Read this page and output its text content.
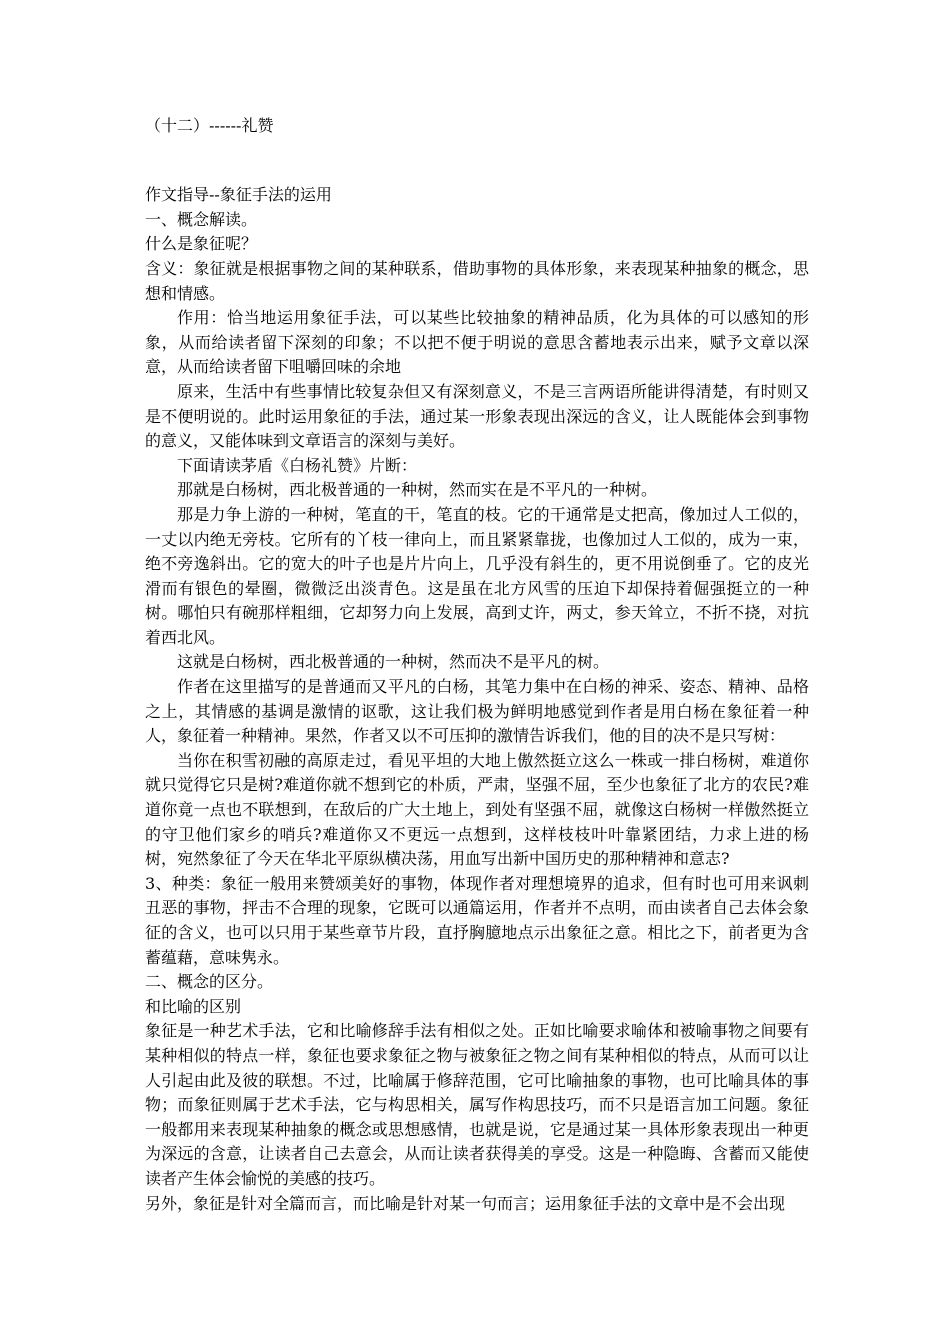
（十二）------礼赞

作文指导--象征手法的运用

一、概念解读。

什么是象征呢？

含义：象征就是根据事物之间的某种联系，借助事物的具体形象，来表现某种抽象的概念，思想和情感。

作用：恰当地运用象征手法，可以某些比较抽象的精神品质，化为具体的可以感知的形象，从而给读者留下深刻的印象；不以把不便于明说的意思含蓄地表示出来，赋予文章以深意，从而给读者留下咀嚼回味的余地

原来，生活中有些事情比较复杂但又有深刻意义，不是三言两语所能讲得清楚，有时则又是不便明说的。此时运用象征的手法，通过某一形象表现出深远的含义，让人既能体会到事物的意义，又能体味到文章语言的深刻与美好。

下面请读茅盾《白杨礼赞》片断：

那就是白杨树，西北极普通的一种树，然而实在是不平凡的一种树。

那是力争上游的一种树，笔直的干，笔直的枝。它的干通常是丈把高，像加过人工似的，一丈以内绝无旁枝。它所有的丫枝一律向上，而且紧紧靠拢，也像加过人工似的，成为一束，绝不旁逸斜出。它的宽大的叶子也是片片向上，几乎没有斜生的，更不用说倒垂了。它的皮光滑而有银色的晕圈，微微泛出淡青色。这是虽在北方风雪的压迫下却保持着倔强挺立的一种树。哪怕只有碗那样粗细，它却努力向上发展，高到丈许，两丈，参天耸立，不折不挠，对抗着西北风。

这就是白杨树，西北极普通的一种树，然而决不是平凡的树。

作者在这里描写的是普通而又平凡的白杨，其笔力集中在白杨的神采、姿态、精神、品格之上，其情感的基调是激情的讴歌，这让我们极为鲜明地感觉到作者是用白杨在象征着一种人，象征着一种精神。果然，作者又以不可压抑的激情告诉我们，他的目的决不是只写树：

当你在积雪初融的高原走过，看见平坦的大地上傲然挺立这么一株或一排白杨树，难道你就只觉得它只是树?难道你就不想到它的朴质，严肃，坚强不屈，至少也象征了北方的农民?难道你竟一点也不联想到，在敌后的广大土地上，到处有坚强不屈，就像这白杨树一样傲然挺立的守卫他们家乡的哨兵?难道你又不更远一点想到，这样枝枝叶叶靠紧团结，力求上进的杨树，宛然象征了今天在华北平原纵横决荡，用血写出新中国历史的那种精神和意志?

3、种类：象征一般用来赞颂美好的事物，体现作者对理想境界的追求，但有时也可用来讽刺丑恶的事物，抨击不合理的现象，它既可以通篇运用，作者并不点明，而由读者自己去体会象征的含义，也可以只用于某些章节片段，直抒胸臆地点示出象征之意。相比之下，前者更为含蓄蕴藉，意味隽永。

二、概念的区分。

和比喻的区别

象征是一种艺术手法，它和比喻修辞手法有相似之处。正如比喻要求喻体和被喻事物之间要有某种相似的特点一样，象征也要求象征之物与被象征之物之间有某种相似的特点，从而可以让人引起由此及彼的联想。不过，比喻属于修辞范围，它可比喻抽象的事物，也可比喻具体的事物；而象征则属于艺术手法，它与构思相关，属写作构思技巧，而不只是语言加工问题。象征一般都用来表现某种抽象的概念或思想感情，也就是说，它是通过某一具体形象表现出一种更为深远的含意，让读者自己去意会，从而让读者获得美的享受。这是一种隐晦、含蓄而又能使读者产生体会愉悦的美感的技巧。

另外，象征是针对全篇而言，而比喻是针对某一句而言；运用象征手法的文章中是不会出现
